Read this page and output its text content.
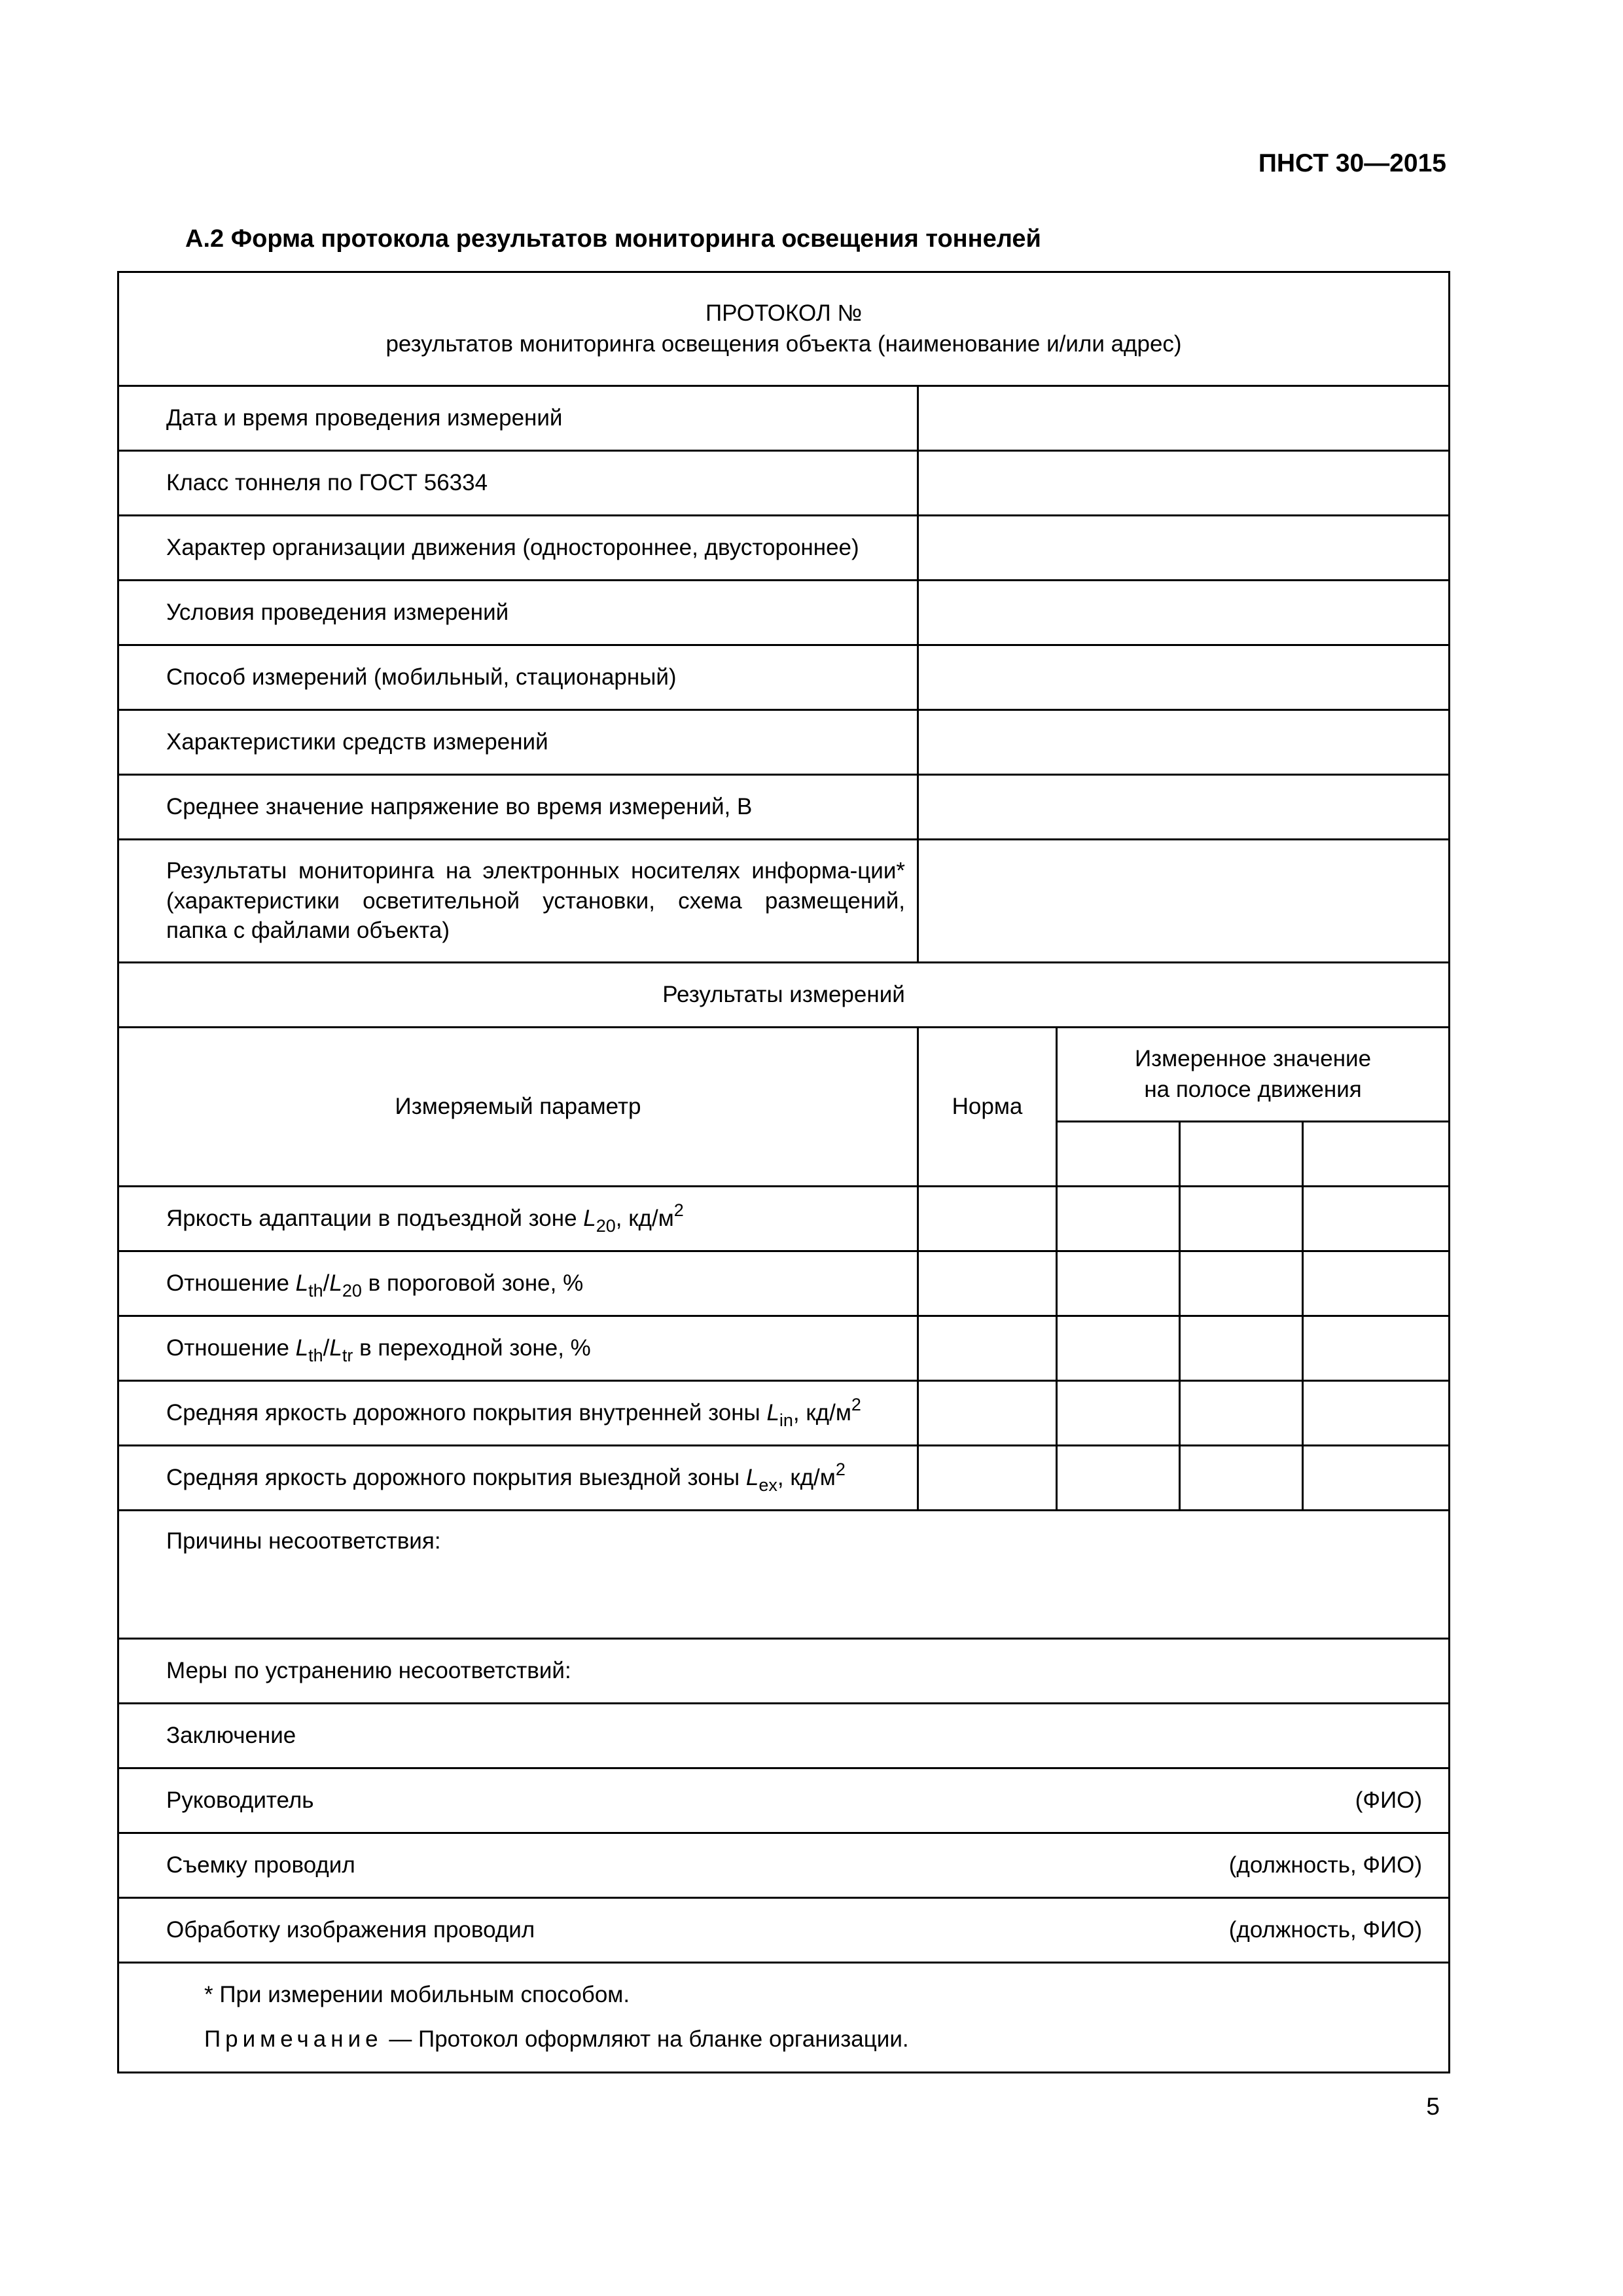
ПНСТ 30—2015
А.2 Форма протокола результатов мониторинга освещения тоннелей
ПРОТОКОЛ №
результатов мониторинга освещения объекта (наименование и/или адрес)				

Дата и время проведения измерений				
Класс тоннеля по ГОСТ 56334				
Характер организации движения (одностороннее, двустороннее)				
Условия проведения измерений				
Способ измерений (мобильный, стационарный)				
Характеристики средств измерений				
Среднее значение напряжение во время измерений, В				
Результаты мониторинга на электронных носителях информа-ции* (характеристики осветительной установки, схема размещений, папка с файлами объекта)				
Результаты измерений				
Измеряемый параметр	Норма	Измеренное значение
на полосе движения		

Яркость адаптации в подъездной зоне $L_{20}$, $кд/м^2$				
Отношение $L_{th}/L_{20}$ в пороговой зоне, %				
Отношение $L_{th}/L_{tr}$ в переходной зоне, %				
Средняя яркость дорожного покрытия внутренней зоны $L_{in}$, $кд/м^2$				
Средняя яркость дорожного покрытия выездной зоны $L_{ex}$, $кд/м^2$				
Причины несоответствия:				
Меры по устранению несоответствий:				
Заключение				

Руководитель (ФИО)				

Съемку проводил (должность, ФИО)				

Обработку изображения проводил (должность, ФИО)				

* При измерении мобильным способом.
Примечание — Протокол оформляют на бланке организации.				
5
